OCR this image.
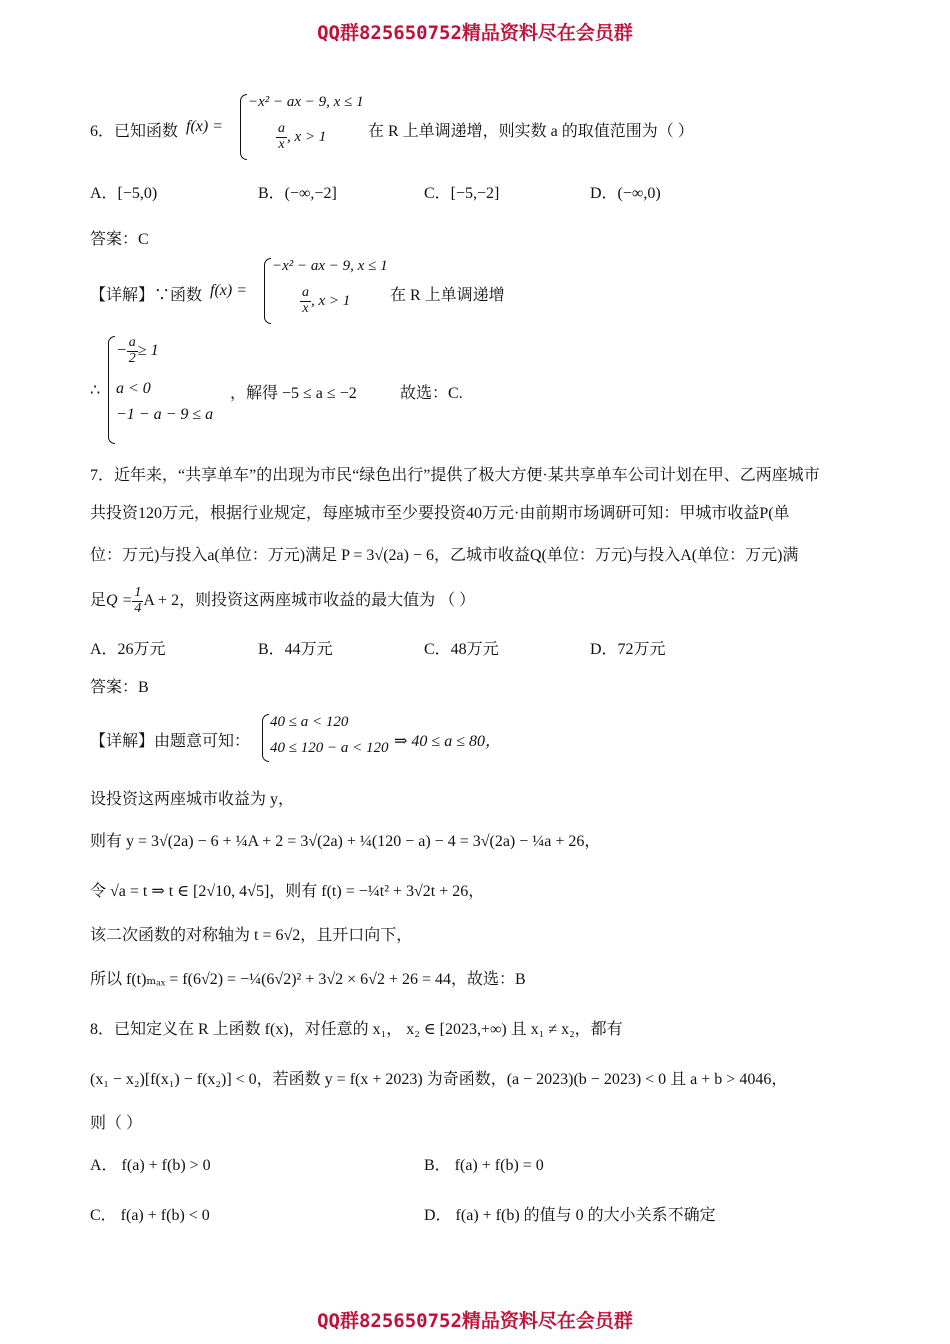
QQ群825650752精品资料尽在会员群
QQ群825650752精品资料尽在会员群
6．已知函数 f(x) =
−x² − ax − 9, x ≤ 1
$\frac{a}{x}$ , x > 1	在 R 上单调递增，则实数 a 的取值范围为（ ）
A．[−5,0)	B．(−∞,−2]	C．[−5,−2]	D．(−∞,0)
答案：C
【详解】∵函数 f(x) =
−x² − ax − 9, x ≤ 1
$\frac{a}{x}$ , x > 1 在 R 上单调递增
∴
− $\frac{a}{2} \ge 1$
a < 0
−1 − a − 9 ≤ a
，解得 −5 ≤ a ≤ −2	故选：C.
7．近年来，“共享单车”的出现为市民“绿色出行”提供了极大方便·某共享单车公司计划在甲、乙两座城市
共投资120万元，根据行业规定，每座城市至少要投资40万元·由前期市场调研可知：甲城市收益P(单
位：万元)与投入a(单位：万元)满足 P = 3√(2a) − 6，乙城市收益Q(单位：万元)与投入A(单位：万元)满
足$Q = \frac{1}{4}$ A + 2，则投资这两座城市收益的最大值为 （ ）
A．26万元	B．44万元	C．48万元	D．72万元
答案：B
【详解】由题意可知：
40 ≤ a < 120
40 ≤ 120 − a < 120 ⇒ 40 ≤ a ≤ 80，
设投资这两座城市收益为 y，
则有 y = 3√(2a) − 6 + ¼A + 2 = 3√(2a) + ¼(120 − a) − 4 = 3√(2a) − ¼a + 26，
令 √a = t ⇒ t ∈ [2√10, 4√5]，则有 f(t) = −¼t² + 3√2t + 26，
该二次函数的对称轴为 t = 6√2，且开口向下，
所以 f(t)ₘₐₓ = f(6√2) = −¼(6√2)² + 3√2 × 6√2 + 26 = 44，故选：B
8．已知定义在 R 上函数 f(x)，对任意的 x₁， x₂ ∈ [2023,+∞) 且 x₁ ≠ x₂，都有
(x₁ − x₂)[f(x₁) − f(x₂)] < 0，若函数 y = f(x + 2023) 为奇函数，(a − 2023)(b − 2023) < 0 且 a + b > 4046，
则（ ）
A． f(a) + f(b) > 0	B． f(a) + f(b) = 0
C． f(a) + f(b) < 0	D． f(a) + f(b) 的值与 0 的大小关系不确定
